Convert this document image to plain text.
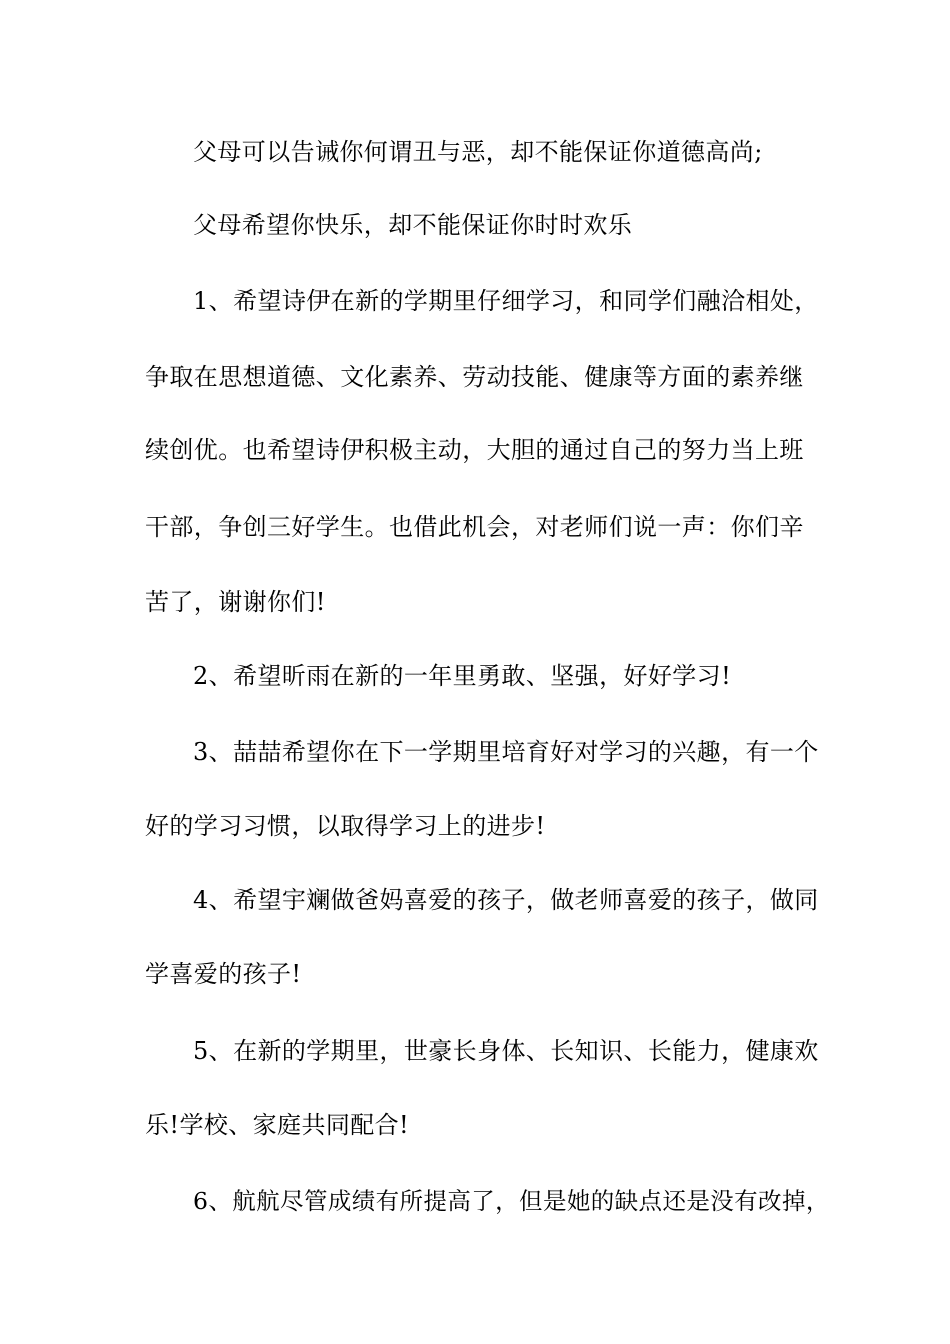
父母可以告诫你何谓丑与恶，却不能保证你道德高尚;
父母希望你快乐，却不能保证你时时欢乐
1、希望诗伊在新的学期里仔细学习，和同学们融洽相处，
争取在思想道德、文化素养、劳动技能、健康等方面的素养继
续创优。也希望诗伊积极主动，大胆的通过自己的努力当上班
干部，争创三好学生。也借此机会，对老师们说一声：你们辛
苦了，谢谢你们!
2、希望昕雨在新的一年里勇敢、坚强，好好学习!
3、喆喆希望你在下一学期里培育好对学习的兴趣，有一个
好的学习习惯，以取得学习上的进步!
4、希望宇斓做爸妈喜爱的孩子，做老师喜爱的孩子，做同
学喜爱的孩子!
5、在新的学期里，世豪长身体、长知识、长能力，健康欢
乐!学校、家庭共同配合!
6、航航尽管成绩有所提高了，但是她的缺点还是没有改掉，
